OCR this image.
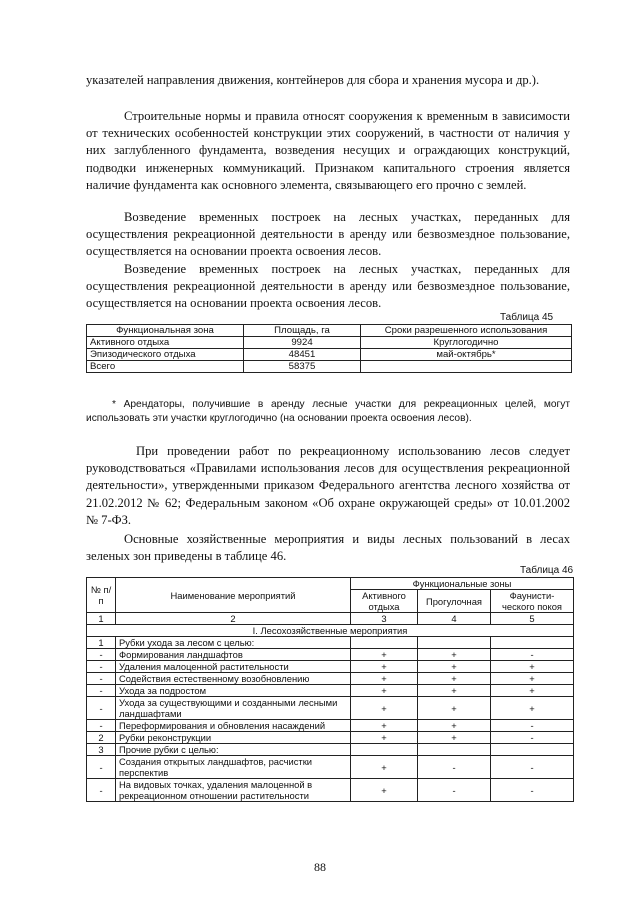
указателей направления движения, контейнеров для сбора и хранения мусора и др.).
Строительные нормы и правила относят сооружения к временным в зависимости от технических особенностей конструкции этих сооружений, в частности от наличия у них заглубленного фундамента, возведения несущих и ограждающих конструкций, подводки инженерных коммуникаций. Признаком капитального строения является наличие фундамента как основного элемента, связывающего его прочно с землей.
Возведение временных построек на лесных участках, переданных для осуществления рекреационной деятельности в аренду или безвозмездное пользование, осуществляется на основании проекта освоения лесов.
Возведение временных построек на лесных участках, переданных для осуществления рекреационной деятельности в аренду или безвозмездное пользование, осуществляется на основании проекта освоения лесов.
Таблица 45
Функциональная зона	Площадь, га	Сроки разрешенного использования
Активного отдыха	9924	Круглогодично
Эпизодического отдыха	48451	май-октябрь*
Всего	58375	
* Арендаторы, получившие в аренду лесные участки для рекреационных целей, могут использовать эти участки круглогодично (на основании проекта освоения лесов).
При проведении работ по рекреационному использованию лесов следует руководствоваться «Правилами использования лесов для осуществления рекреационной деятельности», утвержденными приказом Федерального агентства лесного хозяйства от 21.02.2012 № 62; Федеральным законом «Об охране окружающей среды» от 10.01.2002 № 7-ФЗ.
Основные хозяйственные мероприятия и виды лесных пользований в лесах зеленых зон приведены в таблице 46.
Таблица 46
№ п/п	Наименование мероприятий	Функциональные зоны		
		Активного отдыха	Прогулочная	Фаунисти-ческого покоя
1	2	3	4	5
I. Лесохозяйственные мероприятия				
1	Рубки ухода за лесом с целью:			
-	Формирования ландшафтов	+	+	-
-	Удаления малоценной растительности	+	+	+
-	Содействия естественному возобновлению	+	+	+
-	Ухода за подростом	+	+	+
-	Ухода за существующими и созданными лесными ландшафтами	+	+	+
-	Переформирования и обновления насаждений	+	+	-
2	Рубки реконструкции	+	+	-
3	Прочие рубки с целью:			
-	Создания открытых ландшафтов, расчистки перспектив	+	-	-
-	На видовых точках, удаления малоценной в рекреационном отношении растительности	+	-	-
88
